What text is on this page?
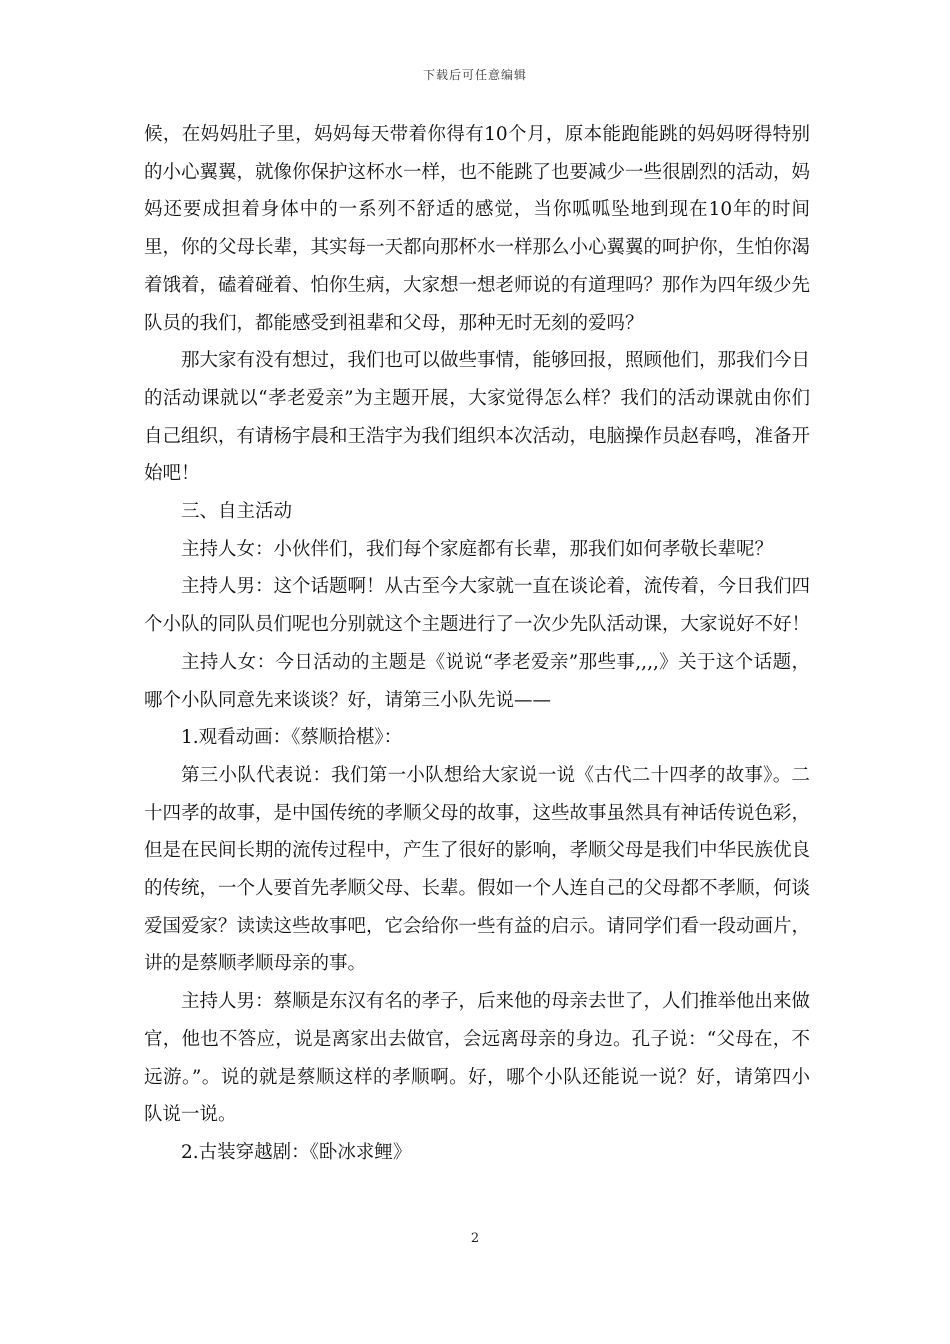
下载后可任意编辑

候，在妈妈肚子里，妈妈每天带着你得有10个月，原本能跑能跳的妈妈呀得特别的小心翼翼，就像你保护这杯水一样，也不能跳了也要减少一些很剧烈的活动，妈妈还要成担着身体中的一系列不舒适的感觉，当你呱呱坠地到现在10年的时间里，你的父母长辈，其实每一天都向那杯水一样那么小心翼翼的呵护你，生怕你渴着饿着，磕着碰着、怕你生病，大家想一想老师说的有道理吗？那作为四年级少先队员的我们，都能感受到祖辈和父母，那种无时无刻的爱吗？

那大家有没有想过，我们也可以做些事情，能够回报，照顾他们，那我们今日的活动课就以“孝老爱亲”为主题开展，大家觉得怎么样？我们的活动课就由你们自己组织，有请杨宇晨和王浩宇为我们组织本次活动，电脑操作员赵春鸣，准备开始吧！

三、自主活动

主持人女：小伙伴们，我们每个家庭都有长辈，那我们如何孝敬长辈呢？

主持人男：这个话题啊！从古至今大家就一直在谈论着，流传着，今日我们四个小队的同队员们呢也分别就这个主题进行了一次少先队活动课，大家说好不好！

主持人女：今日活动的主题是《说说“孝老爱亲”那些事,,,,》关于这个话题，哪个小队同意先来谈谈？好，请第三小队先说——

1.观看动画：《蔡顺拾椹》：

第三小队代表说：我们第一小队想给大家说一说《古代二十四孝的故事》。二十四孝的故事，是中国传统的孝顺父母的故事，这些故事虽然具有神话传说色彩，但是在民间长期的流传过程中，产生了很好的影响，孝顺父母是我们中华民族优良的传统，一个人要首先孝顺父母、长辈。假如一个人连自己的父母都不孝顺，何谈爱国爱家？读读这些故事吧，它会给你一些有益的启示。请同学们看一段动画片，讲的是蔡顺孝顺母亲的事。

主持人男：蔡顺是东汉有名的孝子，后来他的母亲去世了，人们推举他出来做官，他也不答应，说是离家出去做官，会远离母亲的身边。孔子说：“父母在，不远游。”。说的就是蔡顺这样的孝顺啊。好，哪个小队还能说一说？好，请第四小队说一说。

2.古装穿越剧：《卧冰求鲤》

2
